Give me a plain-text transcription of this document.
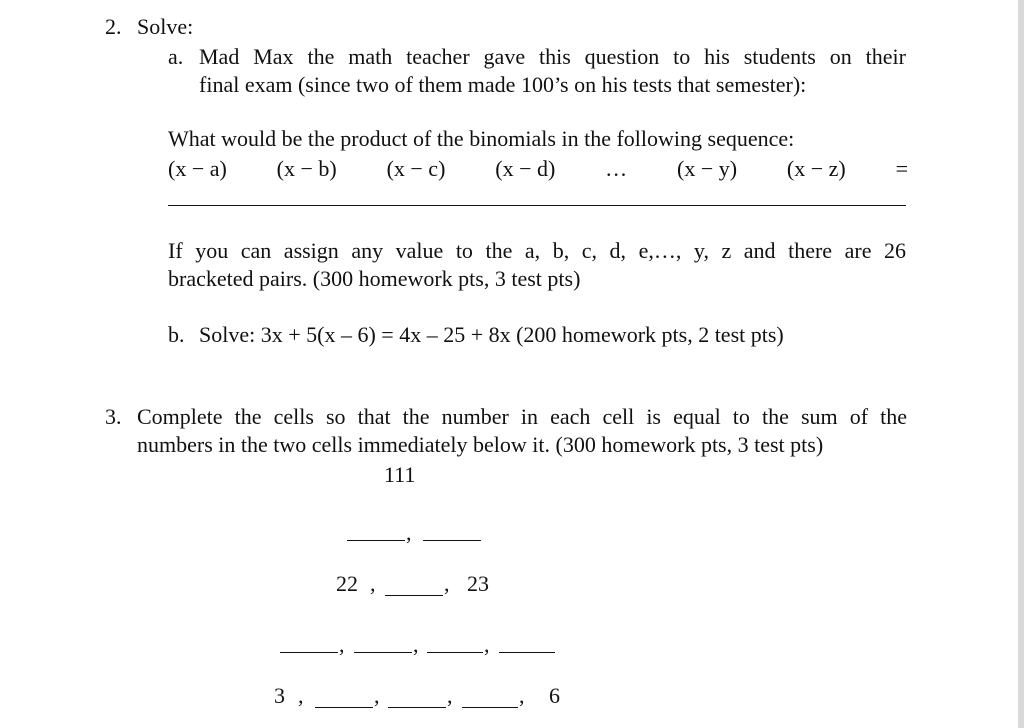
2. Solve:
a. Mad Max the math teacher gave this question to his students on their
final exam (since two of them made 100’s on his tests that semester):
What would be the product of the binomials in the following sequence:
(x − a) (x − b) (x − c) (x − d) … (x − y) (x − z) =
If you can assign any value to the a, b, c, d, e,…, y, z and there are 26
bracketed pairs. (300 homework pts, 3 test pts)
b. Solve: 3x + 5(x – 6) = 4x – 25 + 8x (200 homework pts, 2 test pts)
3. Complete the cells so that the number in each cell is equal to the sum of the
numbers in the two cells immediately below it. (300 homework pts, 3 test pts)
111
,
22 ,	, 23
,	,	,
3 ,	,	,	, 6
